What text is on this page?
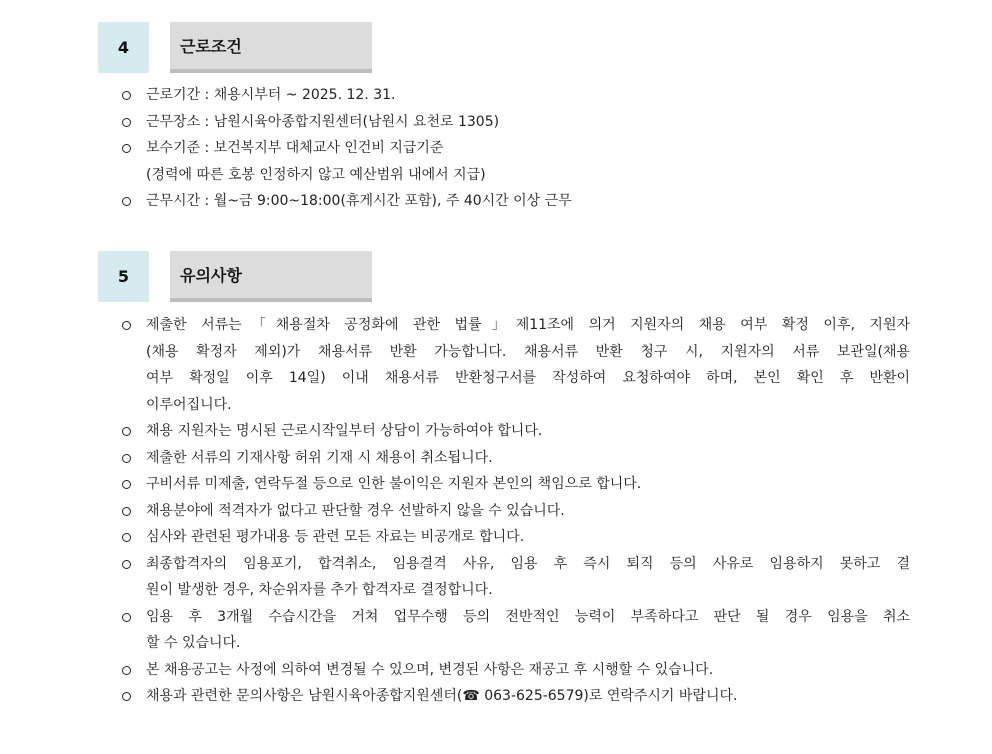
4	근로조건
근로기간 : 채용시부터 ~ 2025. 12. 31.
근무장소 : 남원시육아종합지원센터(남원시 요천로 1305)
보수기준 : 보건복지부 대체교사 인건비 지급기준
(경력에 따른 호봉 인정하지 않고 예산범위 내에서 지급)
근무시간 : 월~금 9:00~18:00(휴게시간 포함), 주 40시간 이상 근무
5	유의사항
제출한 서류는「채용절차 공정화에 관한 법률」제11조에 의거 지원자의 채용 여부 확정 이후, 지원자
(채용 확정자 제외)가 채용서류 반환 가능합니다. 채용서류 반환 청구 시, 지원자의 서류 보관일(채용
여부 확정일 이후 14일) 이내 채용서류 반환청구서를 작성하여 요청하여야 하며, 본인 확인 후 반환이
이루어집니다.
채용 지원자는 명시된 근로시작일부터 상담이 가능하여야 합니다.
제출한 서류의 기재사항 허위 기재 시 채용이 취소됩니다.
구비서류 미제출, 연락두절 등으로 인한 불이익은 지원자 본인의 책임으로 합니다.
채용분야에 적격자가 없다고 판단할 경우 선발하지 않을 수 있습니다.
심사와 관련된 평가내용 등 관련 모든 자료는 비공개로 합니다.
최종합격자의 임용포기, 합격취소, 임용결격 사유, 임용 후 즉시 퇴직 등의 사유로 임용하지 못하고 결
원이 발생한 경우, 차순위자를 추가 합격자로 결정합니다.
임용 후 3개월 수습시간을 거쳐 업무수행 등의 전반적인 능력이 부족하다고 판단 될 경우 임용을 취소
할 수 있습니다.
본 채용공고는 사정에 의하여 변경될 수 있으며, 변경된 사항은 재공고 후 시행할 수 있습니다.
채용과 관련한 문의사항은 남원시육아종합지원센터(☎ 063-625-6579)로 연락주시기 바랍니다.
